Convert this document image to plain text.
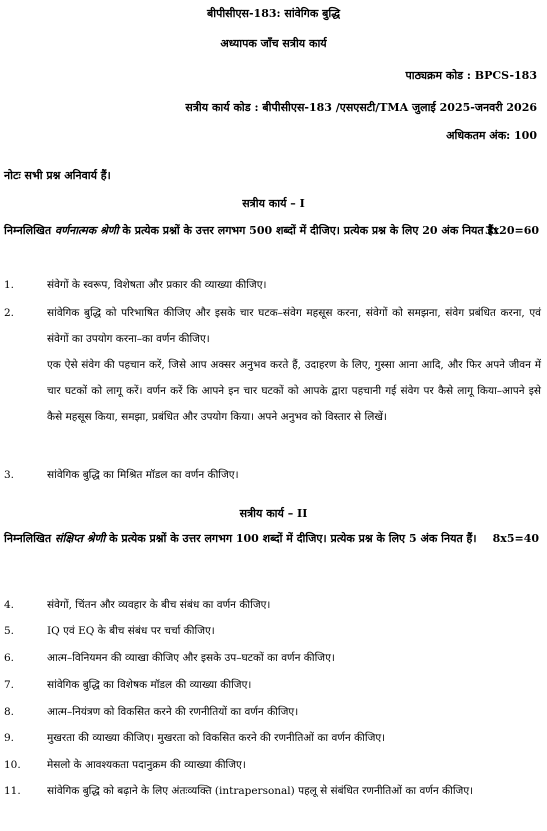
बीपीसीएस-183: सांवेगिक बुद्धि
अध्यापक जाँच सत्रीय कार्य
पाठ्यक्रम कोड : BPCS-183
सत्रीय कार्य कोड : बीपीसीएस-183 /एसएसटी/TMA जुलाई 2025-जनवरी 2026
अधिकतम अंक: 100
नोटः सभी प्रश्न अनिवार्य हैं।
सत्रीय कार्य – I
निम्नलिखित वर्णनात्मक श्रेणी के प्रत्येक प्रश्नों के उत्तर लगभग 500 शब्दों में दीजिए। प्रत्येक प्रश्न के लिए 20 अंक नियत हैं।
3x20=60
1.	संवेगों के स्वरूप, विशेषता और प्रकार की व्याख्या कीजिए।
2.	सांवेगिक बुद्धि को परिभाषित कीजिए और इसके चार घटक–संवेग महसूस करना, संवेगों को समझना, संवेग प्रबंधित करना, एवं संवेगों का उपयोग करना–का वर्णन कीजिए।
एक ऐसे संवेग की पहचान करें, जिसे आप अक्सर अनुभव करते हैं, उदाहरण के लिए, गुस्सा आना आदि, और फिर अपने जीवन में चार घटकों को लागू करें। वर्णन करें कि आपने इन चार घटकों को आपके द्वारा पहचानी गई संवेग पर कैसे लागू किया–आपने इसे कैसे महसूस किया, समझा, प्रबंधित और उपयोग किया। अपने अनुभव को विस्तार से लिखें।
3.	सांवेगिक बुद्धि का मिश्रित मॉडल का वर्णन कीजिए।
सत्रीय कार्य – II
निम्नलिखित संक्षिप्त श्रेणी के प्रत्येक प्रश्नों के उत्तर लगभग 100 शब्दों में दीजिए। प्रत्येक प्रश्न के लिए 5 अंक नियत हैं। 8x5=40
4.	संवेगों, चिंतन और व्यवहार के बीच संबंध का वर्णन कीजिए।
5.	IQ एवं EQ के बीच संबंध पर चर्चा कीजिए।
6.	आत्म–विनियमन की व्याखा कीजिए और इसके उप–घटकों का वर्णन कीजिए।
7.	सांवेगिक बुद्धि का विशेषक मॉडल की व्याख्या कीजिए।
8.	आत्म–नियंत्रण को विकसित करने की रणनीतियों का वर्णन कीजिए।
9.	मुखरता की व्याख्या कीजिए। मुखरता को विकसित करने की रणनीतिओं का वर्णन कीजिए।
10.	मेसलो के आवश्यकता पदानुक्रम की व्याख्या कीजिए।
11.	सांवेगिक बुद्धि को बढ़ाने के लिए अंतःव्यक्ति (intrapersonal) पहलू से संबंधित रणनीतिओं का वर्णन कीजिए।
